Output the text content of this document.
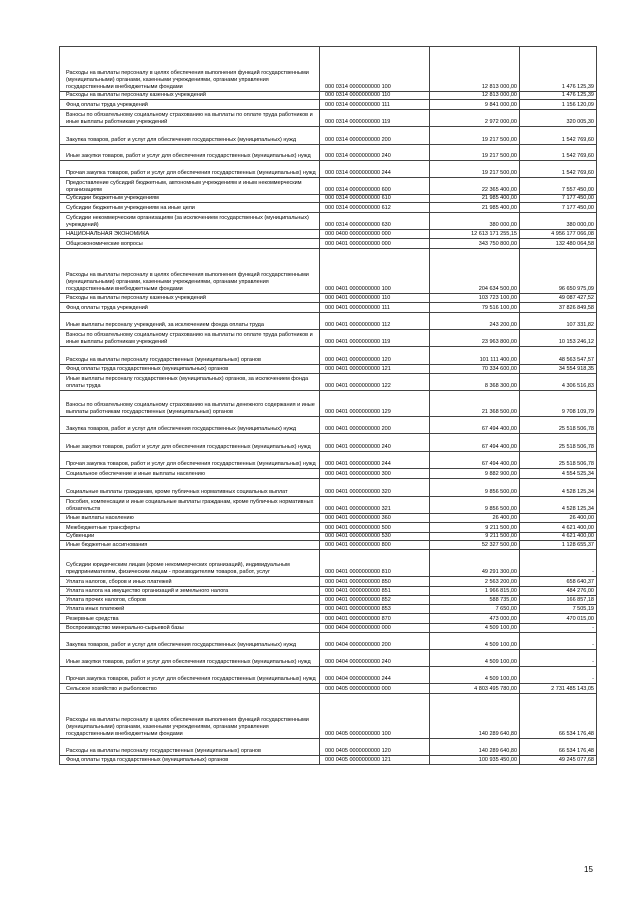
Расходы на выплаты персоналу в целях обеспечения выполнения функций государственными (муниципальными) органами, казенными учреждениями, органами управления государственными внебюджетными фондами	000 0314 0000000000 100	12 813 000,00	1 476 125,39
Расходы на выплаты персоналу казенных учреждений	000 0314 0000000000 110	12 813 000,00	1 476 125,39
Фонд оплаты труда учреждений	000 0314 0000000000 111	9 841 000,00	1 156 120,09
Взносы по обязательному социальному страхованию на выплаты по оплате труда работников и иные выплаты работникам учреждений	000 0314 0000000000 119	2 972 000,00	320 005,30
Закупка товаров, работ и услуг для обеспечения государственных (муниципальных) нужд	000 0314 0000000000 200	19 217 500,00	1 542 769,60
Иные закупки товаров, работ и услуг для обеспечения государственных (муниципальных) нужд	000 0314 0000000000 240	19 217 500,00	1 542 769,60
Прочая закупка товаров, работ и услуг для обеспечения государственных (муниципальных) нужд	000 0314 0000000000 244	19 217 500,00	1 542 769,60
Предоставление субсидий бюджетным, автономным учреждениям и иным некоммерческим организациям	000 0314 0000000000 600	22 365 400,00	7 557 450,00
Субсидии бюджетным учреждениям	000 0314 0000000000 610	21 985 400,00	7 177 450,00
Субсидии бюджетным учреждениям на иные цели	000 0314 0000000000 612	21 985 400,00	7 177 450,00
Субсидии некоммерческим организациям (за исключением государственных (муниципальных) учреждений)	000 0314 0000000000 630	380 000,00	380 000,00
НАЦИОНАЛЬНАЯ ЭКОНОМИКА	000 0400 0000000000 000	12 613 171 255,15	4 956 177 066,08
Общеэкономические вопросы	000 0401 0000000000 000	343 750 800,00	132 480 064,58
Расходы на выплаты персоналу в целях обеспечения выполнения функций государственными (муниципальными) органами, казенными учреждениями, органами управления государственными внебюджетными фондами	000 0401 0000000000 100	204 634 500,00	96 650 975,09
Расходы на выплаты персоналу казенных учреждений	000 0401 0000000000 110	103 723 100,00	49 087 427,52
Фонд оплаты труда учреждений	000 0401 0000000000 111	79 516 100,00	37 826 849,58
Иные выплаты персоналу учреждений, за исключением фонда оплаты труда	000 0401 0000000000 112	243 200,00	107 331,82
Взносы по обязательному социальному страхованию на выплаты по оплате труда работников и иные выплаты работникам учреждений	000 0401 0000000000 119	23 963 800,00	10 153 246,12
Расходы на выплаты персоналу государственных (муниципальных) органов	000 0401 0000000000 120	101 111 400,00	48 563 547,57
Фонд оплаты труда государственных (муниципальных) органов	000 0401 0000000000 121	70 334 600,00	34 554 918,35
Иные выплаты персоналу государственных (муниципальных) органов, за исключением фонда оплаты труда	000 0401 0000000000 122	8 368 300,00	4 306 516,83
Взносы по обязательному социальному страхованию на выплаты денежного содержания и иные выплаты работникам государственных (муниципальных) органов	000 0401 0000000000 129	21 368 500,00	9 708 109,79
Закупка товаров, работ и услуг для обеспечения государственных (муниципальных) нужд	000 0401 0000000000 200	67 494 400,00	25 518 506,78
Иные закупки товаров, работ и услуг для обеспечения государственных (муниципальных) нужд	000 0401 0000000000 240	67 494 400,00	25 518 506,78
Прочая закупка товаров, работ и услуг для обеспечения государственных (муниципальных) нужд	000 0401 0000000000 244	67 494 400,00	25 518 506,78
Социальное обеспечение и иные выплаты населению	000 0401 0000000000 300	9 882 900,00	4 554 525,34
Социальные выплаты гражданам, кроме публичных нормативных социальных выплат	000 0401 0000000000 320	9 856 500,00	4 528 125,34
Пособия, компенсации и иные социальные выплаты гражданам, кроме публичных нормативных обязательств	000 0401 0000000000 321	9 856 500,00	4 528 125,34
Иные выплаты населению	000 0401 0000000000 360	26 400,00	26 400,00
Межбюджетные трансферты	000 0401 0000000000 500	9 211 500,00	4 621 400,00
Субвенции	000 0401 0000000000 530	9 211 500,00	4 621 400,00
Иные бюджетные ассигнования	000 0401 0000000000 800	52 327 500,00	1 128 655,37
Субсидии юридическим лицам (кроме некоммерческих организаций), индивидуальным предпринимателям, физическим лицам - производителям товаров, работ, услуг	000 0401 0000000000 810	49 291 300,00	-
Уплата налогов, сборов и иных платежей	000 0401 0000000000 850	2 563 200,00	658 640,37
Уплата налога на имущество организаций и земельного налога	000 0401 0000000000 851	1 966 815,00	484 276,00
Уплата прочих налогов, сборов	000 0401 0000000000 852	588 735,00	166 857,18
Уплата иных платежей	000 0401 0000000000 853	7 650,00	7 505,19
Резервные средства	000 0401 0000000000 870	473 000,00	470 015,00
Воспроизводство минерально-сырьевой базы	000 0404 0000000000 000	4 509 100,00	-
Закупка товаров, работ и услуг для обеспечения государственных (муниципальных) нужд	000 0404 0000000000 200	4 509 100,00	-
Иные закупки товаров, работ и услуг для обеспечения государственных (муниципальных) нужд	000 0404 0000000000 240	4 509 100,00	-
Прочая закупка товаров, работ и услуг для обеспечения государственных (муниципальных) нужд	000 0404 0000000000 244	4 509 100,00	-
Сельское хозяйство и рыболовство	000 0405 0000000000 000	4 803 495 780,00	2 731 485 143,05
Расходы на выплаты персоналу в целях обеспечения выполнения функций государственными (муниципальными) органами, казенными учреждениями, органами управления государственными внебюджетными фондами	000 0405 0000000000 100	140 289 640,80	66 534 176,48
Расходы на выплаты персоналу государственных (муниципальных) органов	000 0405 0000000000 120	140 289 640,80	66 534 176,48
Фонд оплаты труда государственных (муниципальных) органов	000 0405 0000000000 121	100 935 450,00	49 245 077,68
15
